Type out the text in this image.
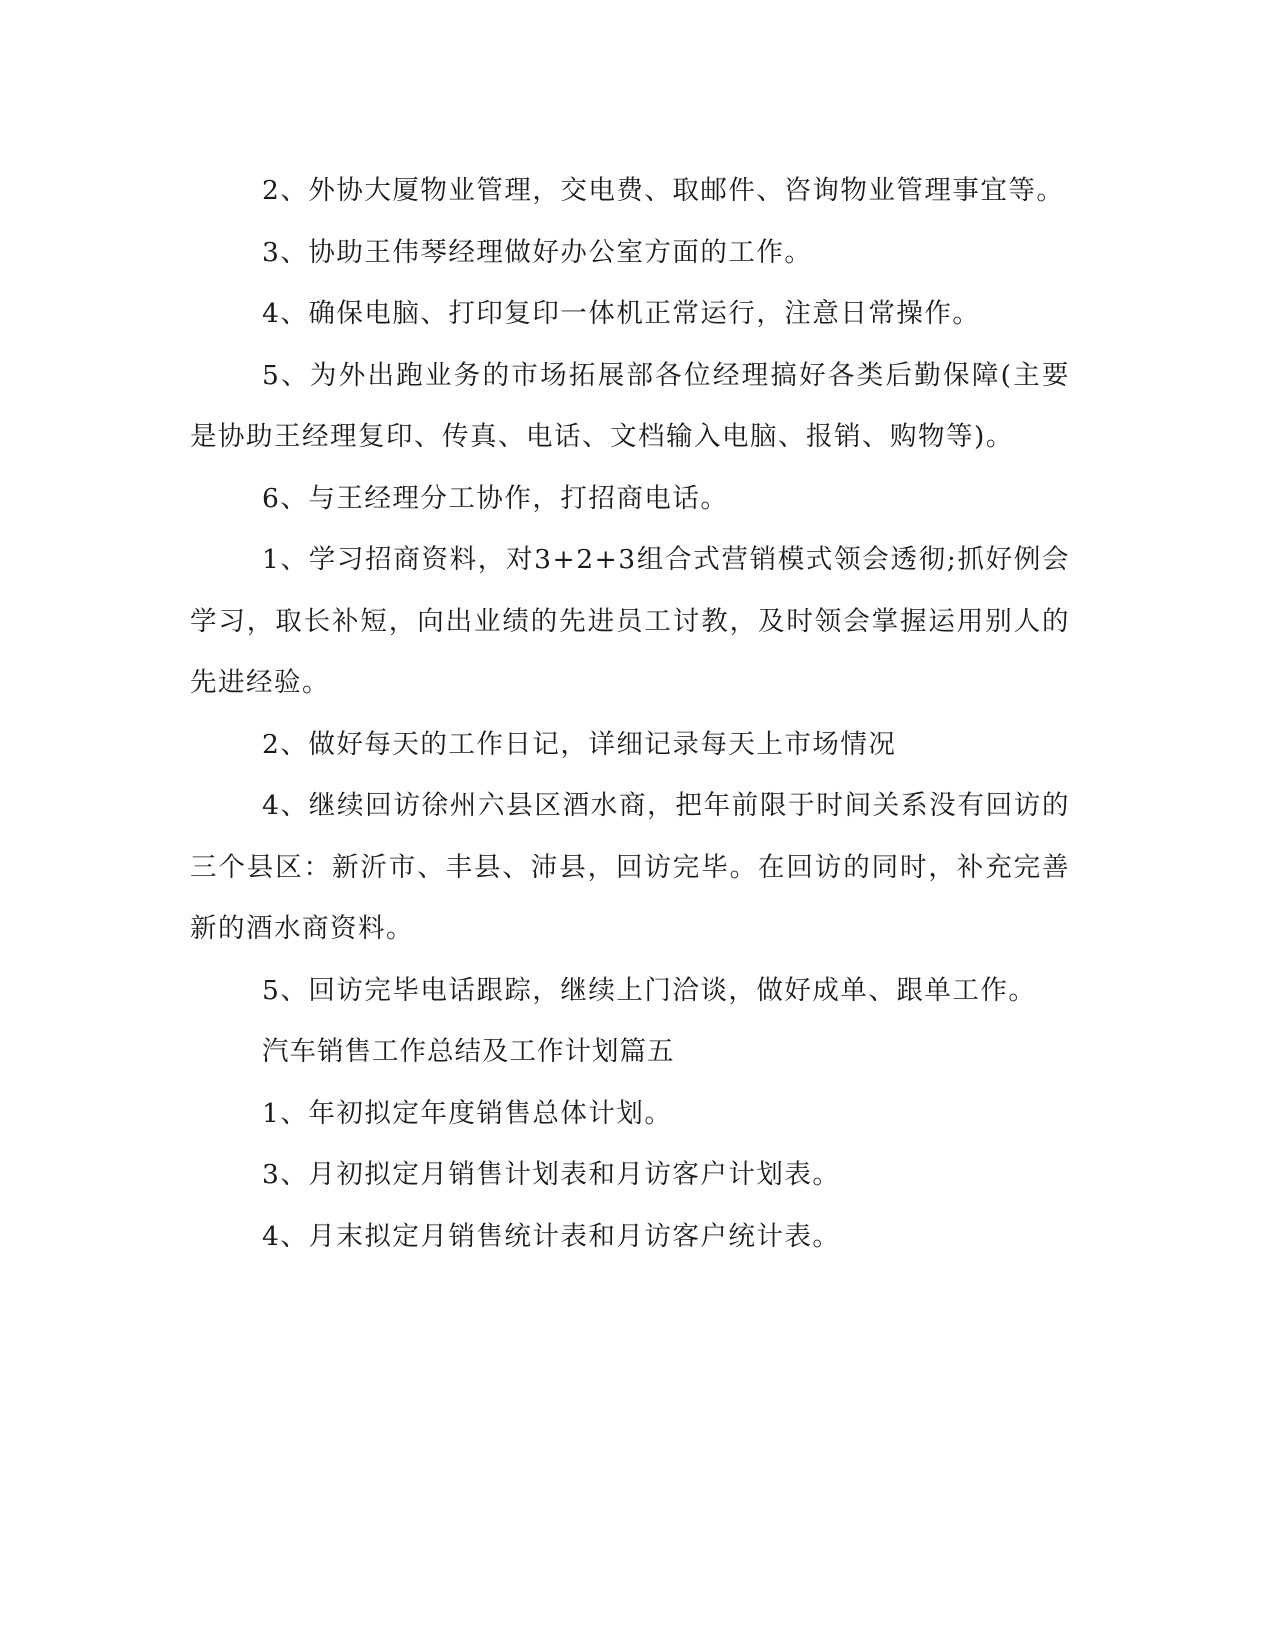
2、外协大厦物业管理，交电费、取邮件、咨询物业管理事宜等。

3、协助王伟琴经理做好办公室方面的工作。

4、确保电脑、打印复印一体机正常运行，注意日常操作。

5、为外出跑业务的市场拓展部各位经理搞好各类后勤保障(主要是协助王经理复印、传真、电话、文档输入电脑、报销、购物等)。

6、与王经理分工协作，打招商电话。

1、学习招商资料，对3+2+3组合式营销模式领会透彻;抓好例会学习，取长补短，向出业绩的先进员工讨教，及时领会掌握运用别人的先进经验。

2、做好每天的工作日记，详细记录每天上市场情况

4、继续回访徐州六县区酒水商，把年前限于时间关系没有回访的三个县区：新沂市、丰县、沛县，回访完毕。在回访的同时，补充完善新的酒水商资料。

5、回访完毕电话跟踪，继续上门洽谈，做好成单、跟单工作。

汽车销售工作总结及工作计划篇五

1、年初拟定年度销售总体计划。

3、月初拟定月销售计划表和月访客户计划表。

4、月末拟定月销售统计表和月访客户统计表。
